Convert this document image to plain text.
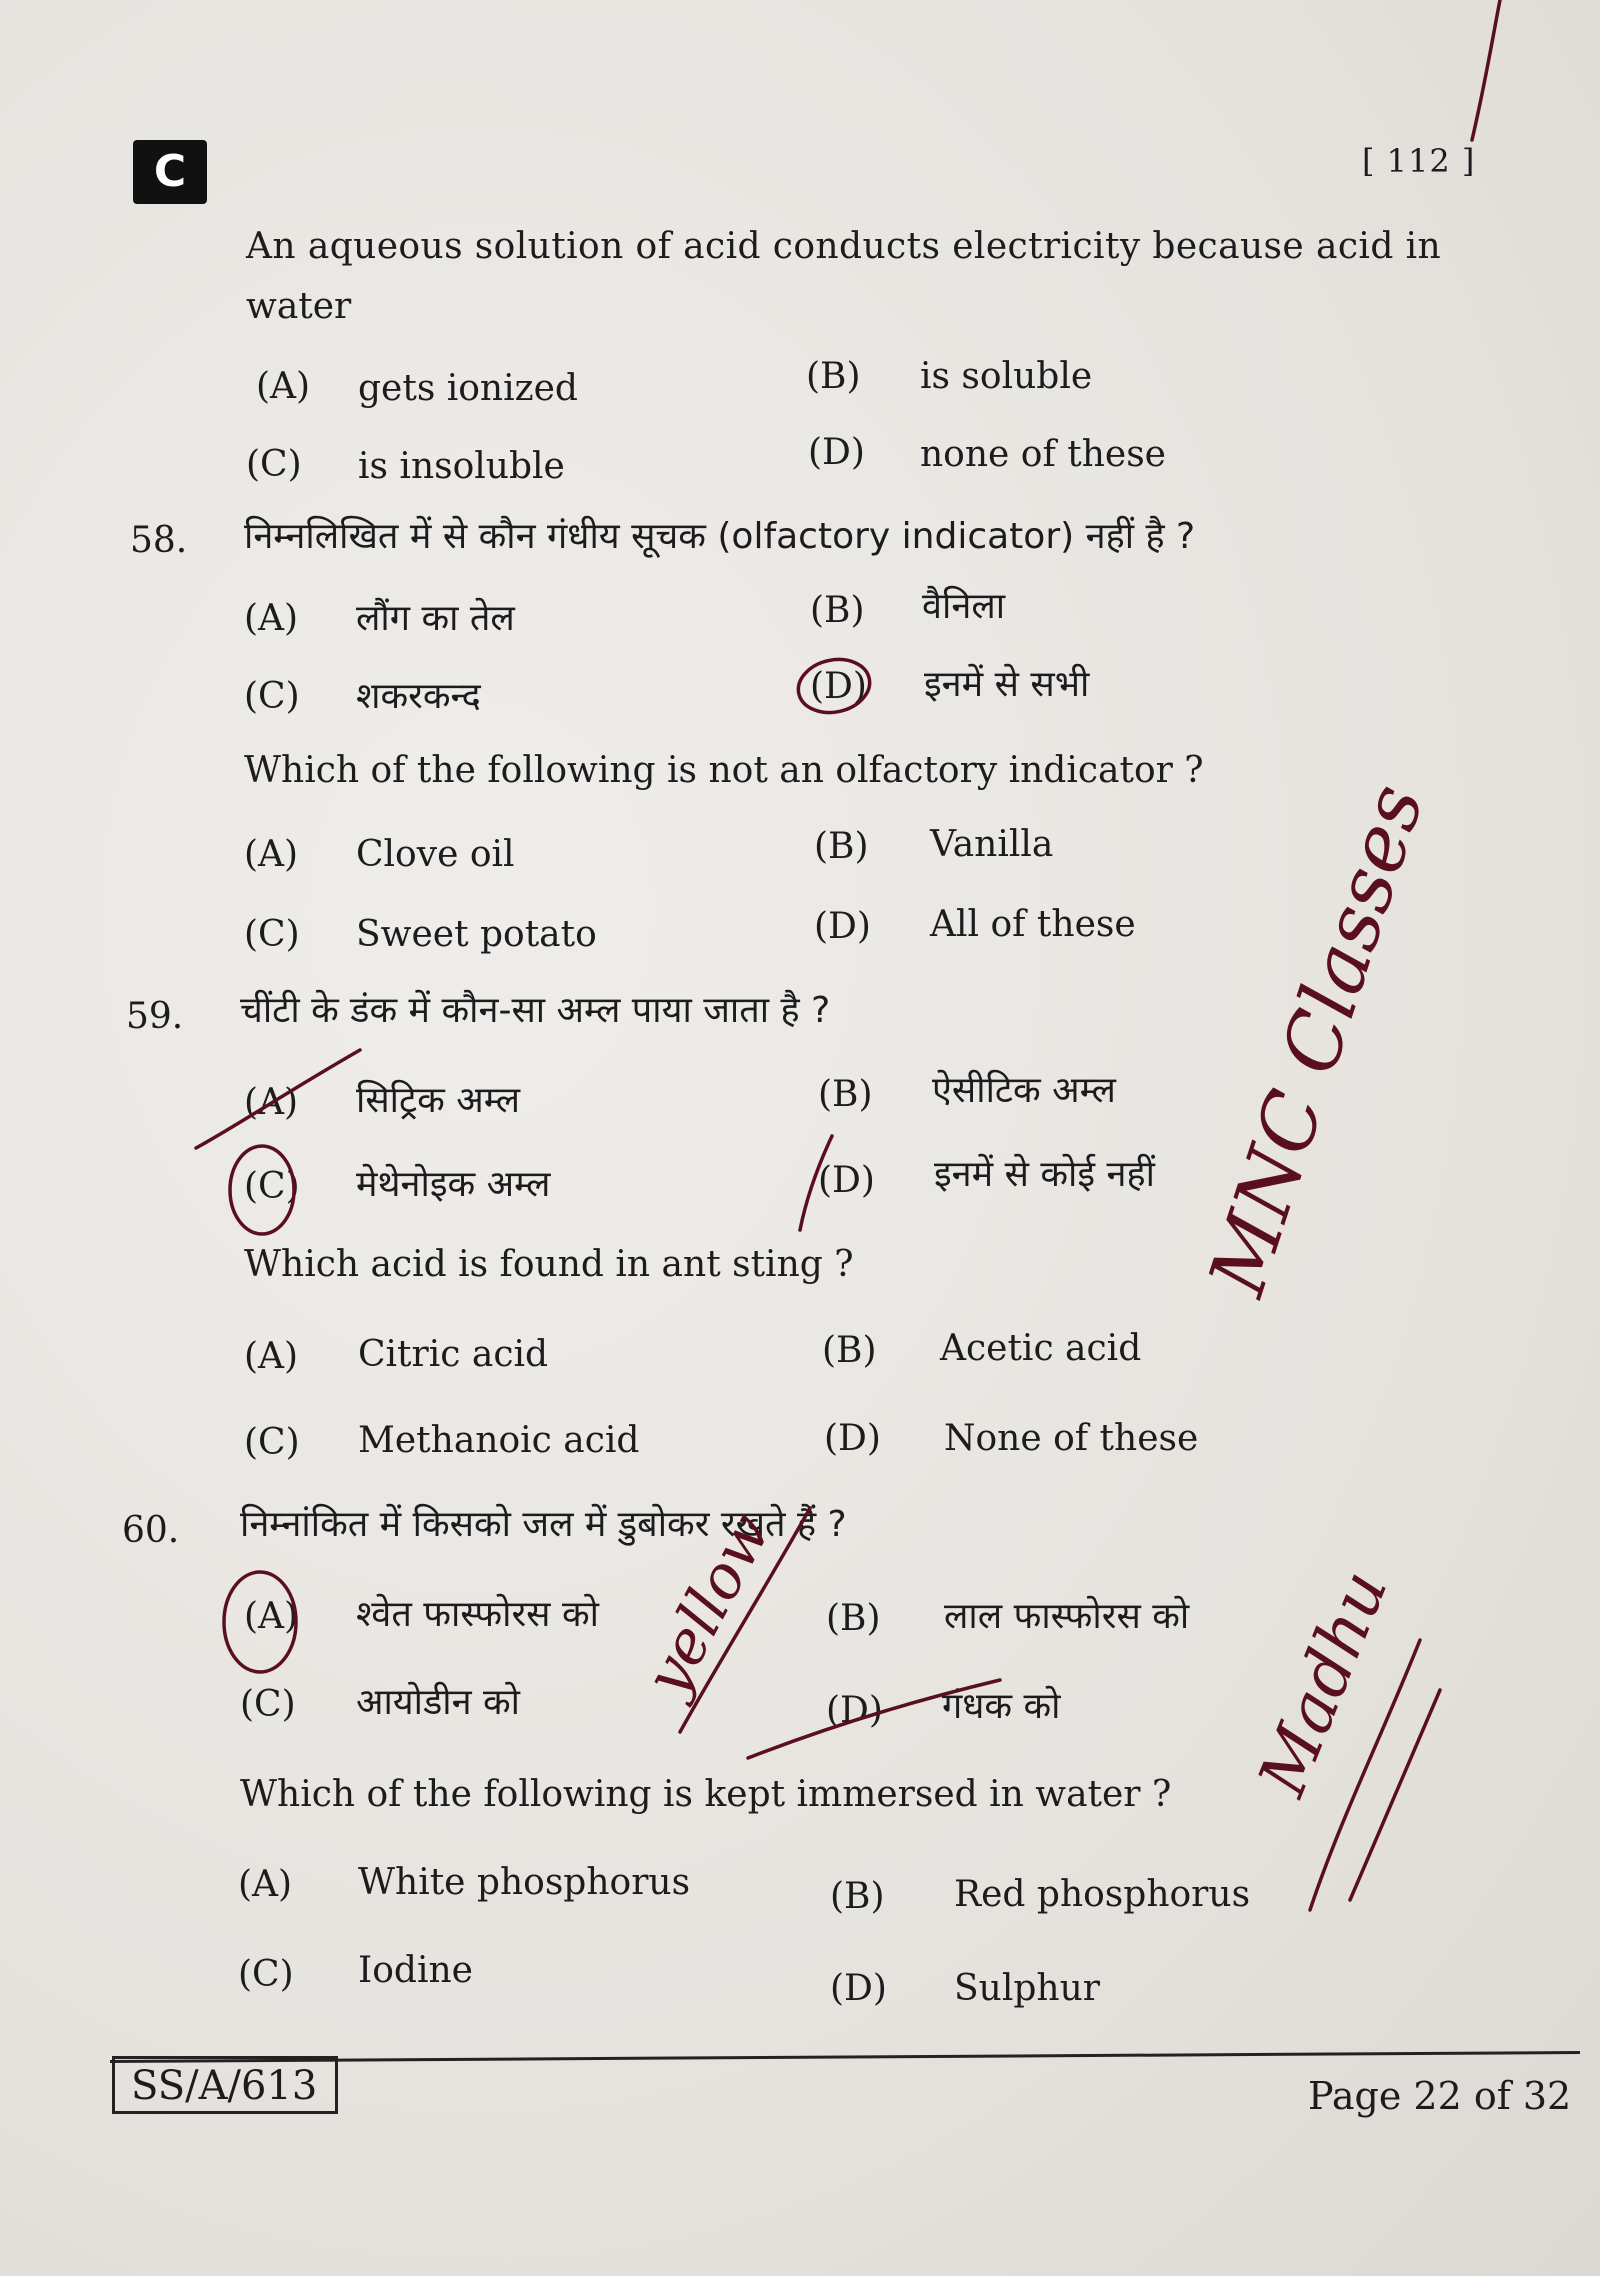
C	[ 112 ]
An aqueous solution of acid conducts electricity because acid in
water
(A) gets ionized	(B) is soluble
(C) is insoluble	(D) none of these
58. निम्नलिखित में से कौन गंधीय सूचक (olfactory indicator) नहीं है ?
(A) लौंग का तेल	(B) वैनिला
(C) शकरकन्द	(D) इनमें से सभी
Which of the following is not an olfactory indicator ?
(A) Clove oil	(B) Vanilla
(C) Sweet potato	(D) All of these
59. चींटी के डंक में कौन-सा अम्ल पाया जाता है ?
(A) सिट्रिक अम्ल	(B) ऐसीटिक अम्ल
(C) मेथेनोइक अम्ल	(D) इनमें से कोई नहीं
Which acid is found in ant sting ?
(A) Citric acid	(B) Acetic acid
(C) Methanoic acid	(D) None of these
60. निम्नांकित में किसको जल में डुबोकर रखते हैं ?
(A) श्वेत फास्फोरस को	(B) लाल फास्फोरस को
(C) आयोडीन को	(D) गंधक को
Which of the following is kept immersed in water ?
(A) White phosphorus	(B) Red phosphorus
(C) Iodine	(D) Sulphur
SS/A/613	Page 22 of 32
MNC Classes
yellow	Madhu
